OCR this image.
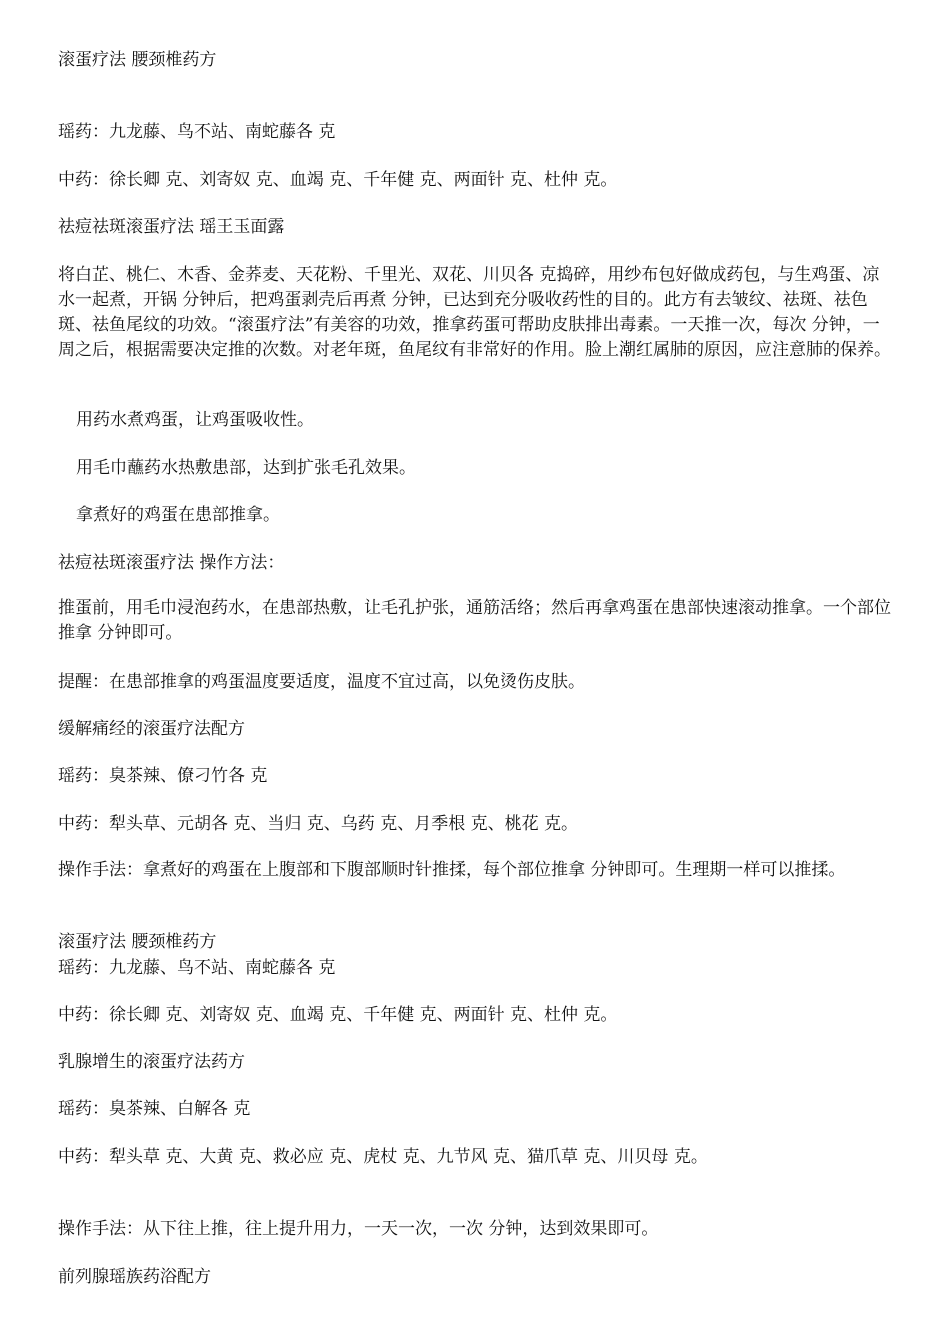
滚蛋疗法 腰颈椎药方
瑶药：九龙藤、鸟不站、南蛇藤各 克
中药：徐长卿 克、刘寄奴 克、血竭 克、千年健 克、两面针 克、杜仲 克。
祛痘祛斑滚蛋疗法 瑶王玉面露
将白芷、桃仁、木香、金荞麦、天花粉、千里光、双花、川贝各 克捣碎，用纱布包好做成药包，与生鸡蛋、凉水一起煮，开锅 分钟后，把鸡蛋剥壳后再煮 分钟，已达到充分吸收药性的目的。此方有去皱纹、祛斑、祛色斑、祛鱼尾纹的功效。“滚蛋疗法”有美容的功效，推拿药蛋可帮助皮肤排出毒素。一天推一次，每次 分钟，一周之后，根据需要决定推的次数。对老年斑，鱼尾纹有非常好的作用。脸上潮红属肺的原因，应注意肺的保养。
用药水煮鸡蛋，让鸡蛋吸收性。
用毛巾蘸药水热敷患部，达到扩张毛孔效果。
拿煮好的鸡蛋在患部推拿。
祛痘祛斑滚蛋疗法 操作方法：
推蛋前，用毛巾浸泡药水，在患部热敷，让毛孔护张，通筋活络；然后再拿鸡蛋在患部快速滚动推拿。一个部位推拿 分钟即可。
提醒：在患部推拿的鸡蛋温度要适度，温度不宜过高，以免烫伤皮肤。
缓解痛经的滚蛋疗法配方
瑶药：臭茶辣、僚刁竹各 克
中药：犁头草、元胡各 克、当归 克、乌药 克、月季根 克、桃花 克。
操作手法：拿煮好的鸡蛋在上腹部和下腹部顺时针推揉，每个部位推拿 分钟即可。生理期一样可以推揉。
滚蛋疗法 腰颈椎药方
瑶药：九龙藤、鸟不站、南蛇藤各 克
中药：徐长卿 克、刘寄奴 克、血竭 克、千年健 克、两面针 克、杜仲 克。
乳腺增生的滚蛋疗法药方
瑶药：臭茶辣、白解各 克
中药：犁头草 克、大黄 克、救必应 克、虎杖 克、九节风 克、猫爪草 克、川贝母 克。
操作手法：从下往上推，往上提升用力，一天一次，一次 分钟，达到效果即可。
前列腺瑶族药浴配方
